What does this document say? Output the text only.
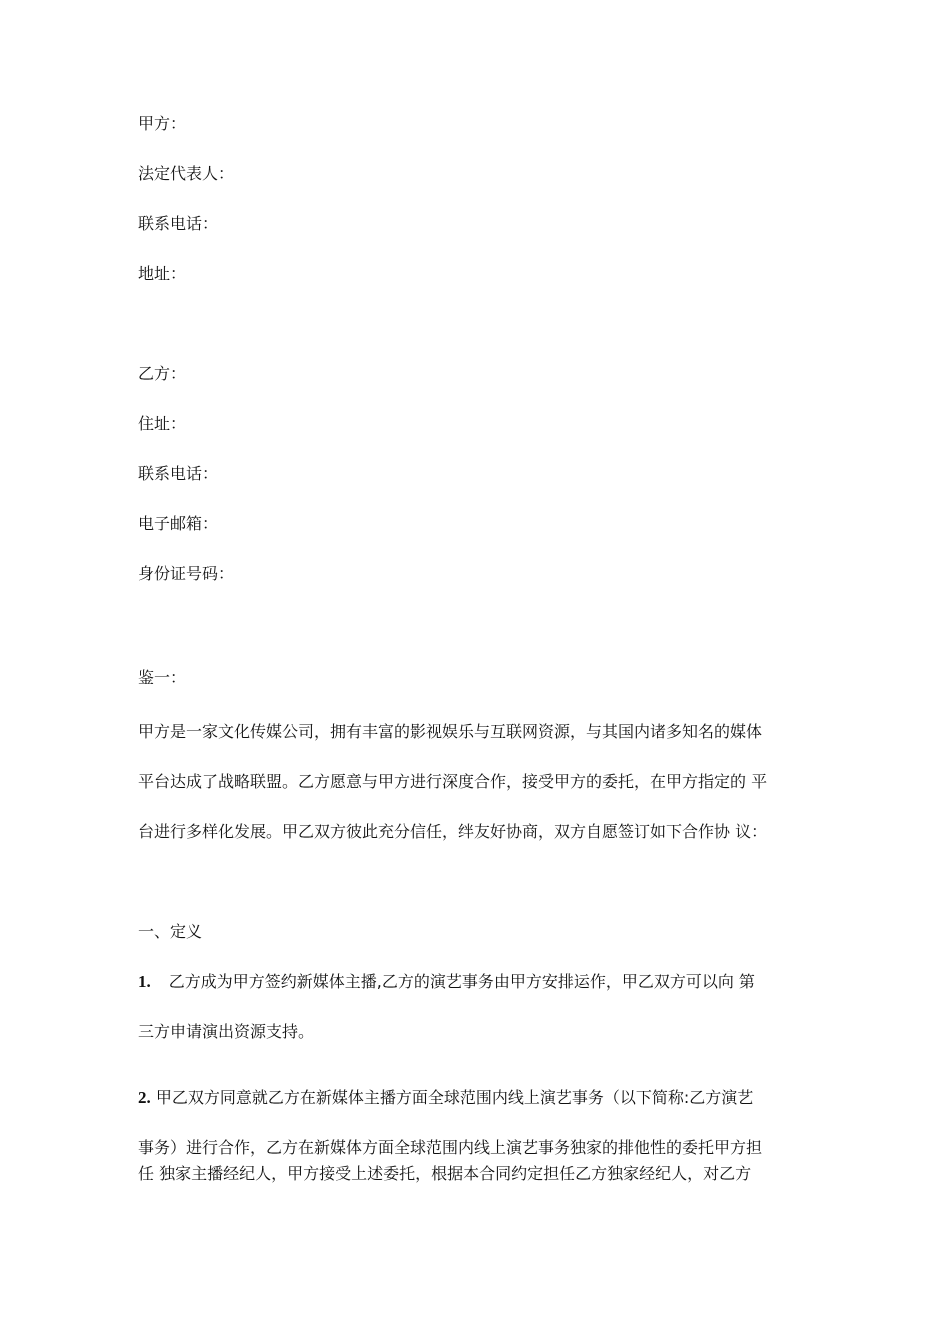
甲方：

法定代表人：

联系电话：

地址：

乙方：

住址：

联系电话：

电子邮箱：

身份证号码：

鉴一：

甲方是一家文化传媒公司，拥有丰富的影视娱乐与互联网资源，与其国内诸多知名的媒体

平台达成了战略联盟。乙方愿意与甲方进行深度合作，接受甲方的委托，在甲方指定的 平

台进行多样化发展。甲乙双方彼此充分信任，绊友好协商，双方自愿签订如下合作协 议：

一、定义

1. 乙方成为甲方签约新媒体主播,乙方的演艺事务由甲方安排运作，甲乙双方可以向 第

三方申请演出资源支持。

2. 甲乙双方同意就乙方在新媒体主播方面全球范围内线上演艺事务（以下简称:乙方演艺

事务）进行合作，乙方在新媒体方面全球范围内线上演艺事务独家的排他性的委托甲方担

任 独家主播经纪人，甲方接受上述委托，根据本合同约定担任乙方独家经纪人，对乙方
